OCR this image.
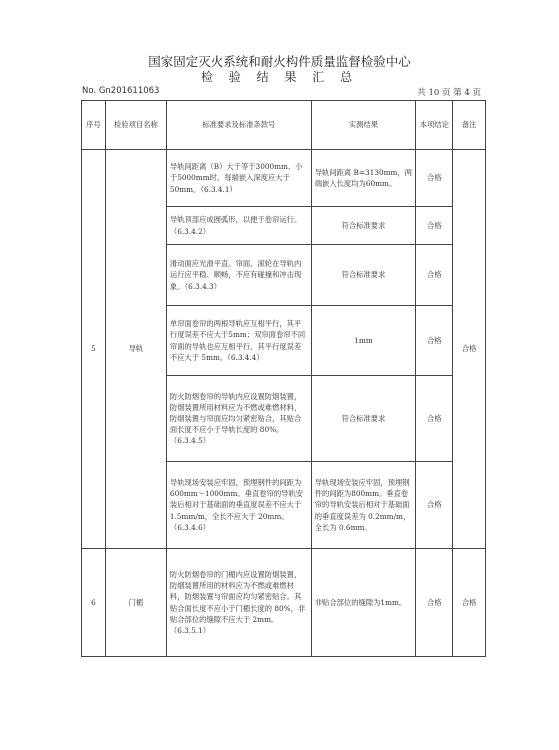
国家固定灭火系统和耐火构件质量监督检验中心
检 验 结 果 汇 总
No. Gn201611063	共 10 页 第 4 页
序号	检验项目名称	标准要求及标准条款号	实测结果	本项结论	备注
5	导轨	导轨间距离（B）大于等于3000mm、小于5000mm时，每端嵌入深度应大于 50mm。（6.3.4.1）	导轨间距离 B=3130mm，两端嵌入长度均为60mm。	合格	合格
		导轨顶部应成圆弧形，以便于卷帘运行。（6.3.4.2）	符合标准要求	合格	
		滑动面应光滑平直。帘面、滚轮在导轨内运行应平稳、顺畅，不应有碰撞和冲击现象。（6.3.4.3）	符合标准要求	合格	
		单帘面卷帘的两根导轨应互相平行，其平行度误差不应大于5mm；双帘面卷帘不同帘面的导轨也应互相平行，其平行度误差不应大于 5mm。（6.3.4.4）	1mm	合格	
		防火防烟卷帘的导轨内应设置防烟装置，防烟装置所用材料应为不燃或难燃材料，防烟装置与帘面应均匀紧密贴合，其贴合面长度不应小于导轨长度的 80%。（6.3.4.5）	符合标准要求	合格	
		导轨现场安装应牢固，预埋钢件的间距为 600mm～1000mm。垂直卷帘的导轨安装后相对于基础面的垂直度误差不应大于1.5mm/m，全长不应大于 20mm。（6.3.4.6）	导轨现场安装应牢固，预埋钢件的间距为800mm。垂直卷帘的导轨安装后相对于基础面的垂直度误差为 0.2mm/m，全长为 0.6mm。	合格	
6	门楣	防火防烟卷帘的门楣内应设置防烟装置，防烟装置所用的材料应为不燃或难燃材料，防烟装置与帘面应均匀紧密贴合。其贴合面长度不应小于门楣长度的 80%，非贴合部位的缝隙不应大于 2mm。（6.3.5.1）	非贴合部位的缝隙为1mm。	合格	合格
